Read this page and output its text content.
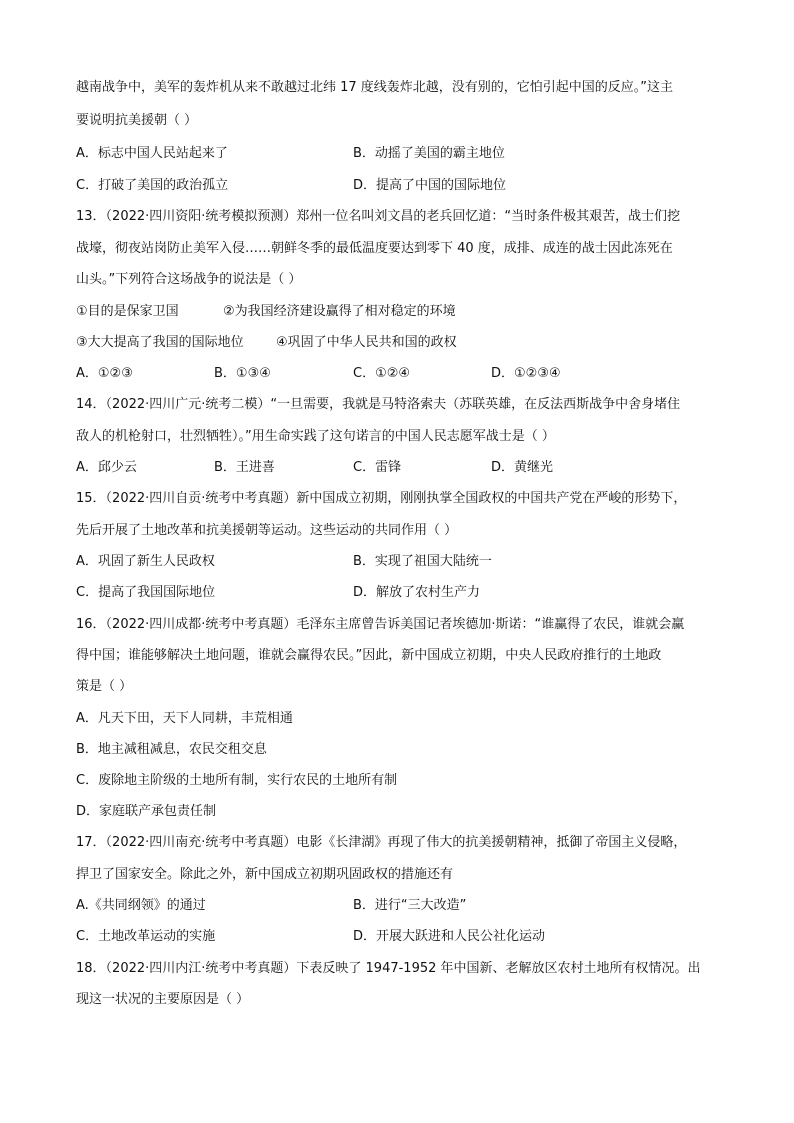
越南战争中，美军的轰炸机从来不敢越过北纬 17 度线轰炸北越，没有别的，它怕引起中国的反应。”这主
要说明抗美援朝（ ）
A．标志中国人民站起来了	B．动摇了美国的霸主地位
C．打破了美国的政治孤立	D．提高了中国的国际地位
13．（2022·四川资阳·统考模拟预测）郑州一位名叫刘文昌的老兵回忆道：“当时条件极其艰苦，战士们挖
战壕，彻夜站岗防止美军入侵……朝鲜冬季的最低温度要达到零下 40 度，成排、成连的战士因此冻死在
山头。”下列符合这场战争的说法是（ ）
①目的是保家卫国	②为我国经济建设赢得了相对稳定的环境
③大大提高了我国的国际地位 ④巩固了中华人民共和国的政权
A．①②③	B．①③④	C．①②④	D．①②③④
14．（2022·四川广元·统考二模）“一旦需要，我就是马特洛索夫（苏联英雄，在反法西斯战争中舍身堵住
敌人的机枪射口，壮烈牺牲）。”用生命实践了这句诺言的中国人民志愿军战士是（ ）
A．邱少云	B．王进喜	C．雷锋	D．黄继光
15．（2022·四川自贡·统考中考真题）新中国成立初期，刚刚执掌全国政权的中国共产党在严峻的形势下，
先后开展了土地改革和抗美援朝等运动。这些运动的共同作用（ ）
A．巩固了新生人民政权	B．实现了祖国大陆统一
C．提高了我国国际地位	D．解放了农村生产力
16．（2022·四川成都·统考中考真题）毛泽东主席曾告诉美国记者埃德加·斯诺：“谁赢得了农民，谁就会赢
得中国；谁能够解决土地问题，谁就会赢得农民。”因此，新中国成立初期，中央人民政府推行的土地政
策是（ ）
A．凡天下田，天下人同耕，丰荒相通
B．地主减租减息，农民交租交息
C．废除地主阶级的土地所有制，实行农民的土地所有制
D．家庭联产承包责任制
17．（2022·四川南充·统考中考真题）电影《长津湖》再现了伟大的抗美援朝精神，抵御了帝国主义侵略，
捍卫了国家安全。除此之外，新中国成立初期巩固政权的措施还有
A.《共同纲领》的通过	B．进行“三大改造”
C．土地改革运动的实施	D．开展大跃进和人民公社化运动
18．（2022·四川内江·统考中考真题）下表反映了 1947-1952 年中国新、老解放区农村土地所有权情况。出
现这一状况的主要原因是（ ）
